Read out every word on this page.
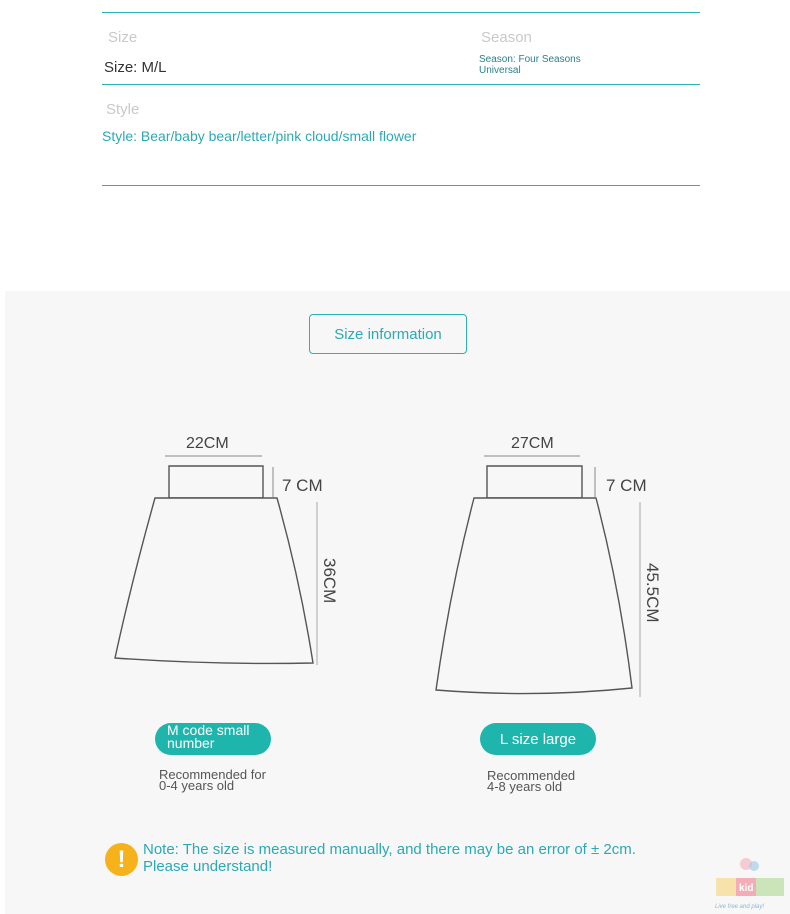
Size
Size: M/L
Season
Season: Four Seasons Universal
Style
Style: Bear/baby bear/letter/pink cloud/small flower
Size information
22CM
7 CM
36CM
27CM
7 CM
45.5CM
M code small number
Recommended for 0-4 years old
L size large
Recommended 4-8 years old
!	Note: The size is measured manually, and there may be an error of ± 2cm. Please understand!
kid
Live free and play!
